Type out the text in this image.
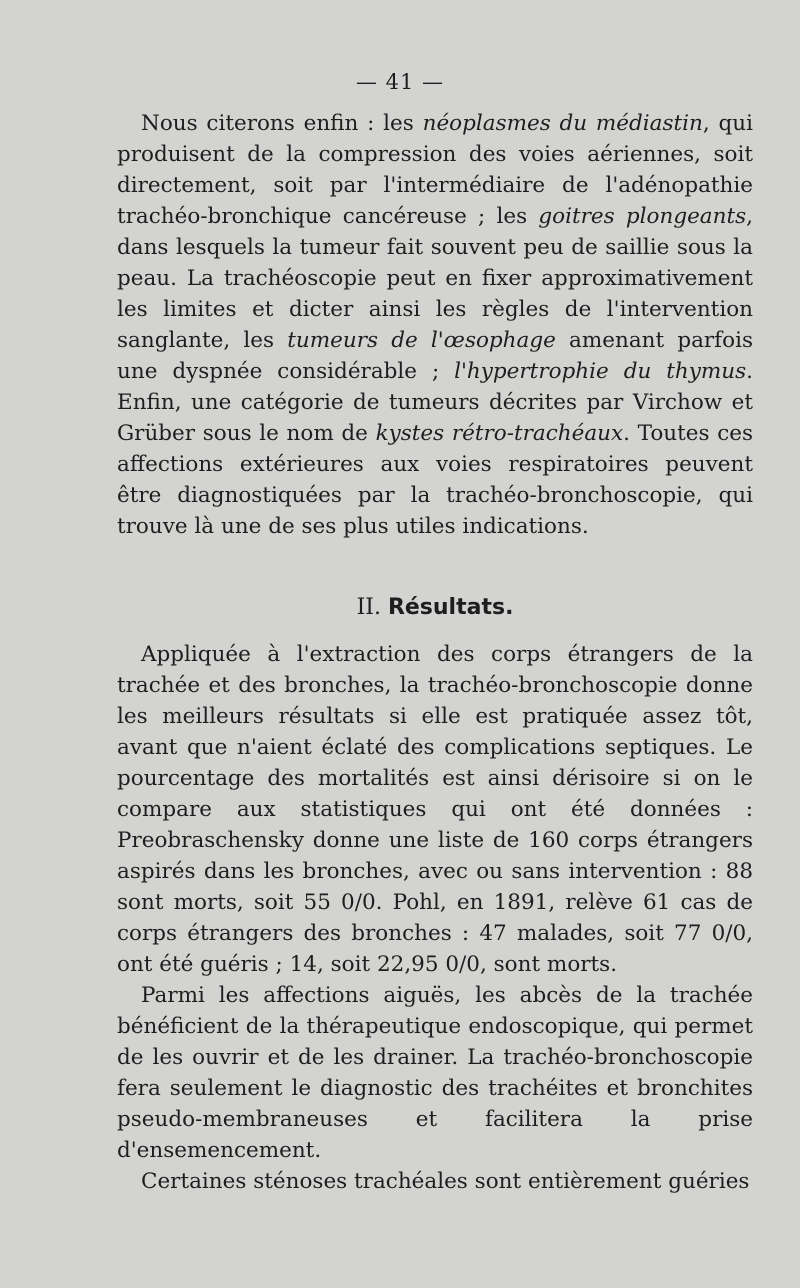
— 41 —

Nous citerons enfin : les néoplasmes du médiastin, qui produisent de la compression des voies aériennes, soit directement, soit par l'intermédiaire de l'adénopathie trachéo-bronchique cancéreuse ; les goitres plongeants, dans lesquels la tumeur fait souvent peu de saillie sous la peau. La trachéoscopie peut en fixer approximativement les limites et dicter ainsi les règles de l'intervention sanglante, les tumeurs de l'œsophage amenant parfois une dyspnée considérable ; l'hypertrophie du thymus. Enfin, une catégorie de tumeurs décrites par Virchow et Grüber sous le nom de kystes rétro-trachéaux. Toutes ces affections extérieures aux voies respiratoires peuvent être diagnostiquées par la trachéo-bronchoscopie, qui trouve là une de ses plus utiles indications.

II. Résultats.

Appliquée à l'extraction des corps étrangers de la trachée et des bronches, la trachéo-bronchoscopie donne les meilleurs résultats si elle est pratiquée assez tôt, avant que n'aient éclaté des complications septiques. Le pourcentage des mortalités est ainsi dérisoire si on le compare aux statistiques qui ont été données : Preobraschensky donne une liste de 160 corps étrangers aspirés dans les bronches, avec ou sans intervention : 88 sont morts, soit 55 0/0. Pohl, en 1891, relève 61 cas de corps étrangers des bronches : 47 malades, soit 77 0/0, ont été guéris ; 14, soit 22,95 0/0, sont morts.

Parmi les affections aiguës, les abcès de la trachée bénéficient de la thérapeutique endoscopique, qui permet de les ouvrir et de les drainer. La trachéo-bronchoscopie fera seulement le diagnostic des trachéites et bronchites pseudo-membraneuses et facilitera la prise d'ensemencement.

Certaines sténoses trachéales sont entièrement guéries
